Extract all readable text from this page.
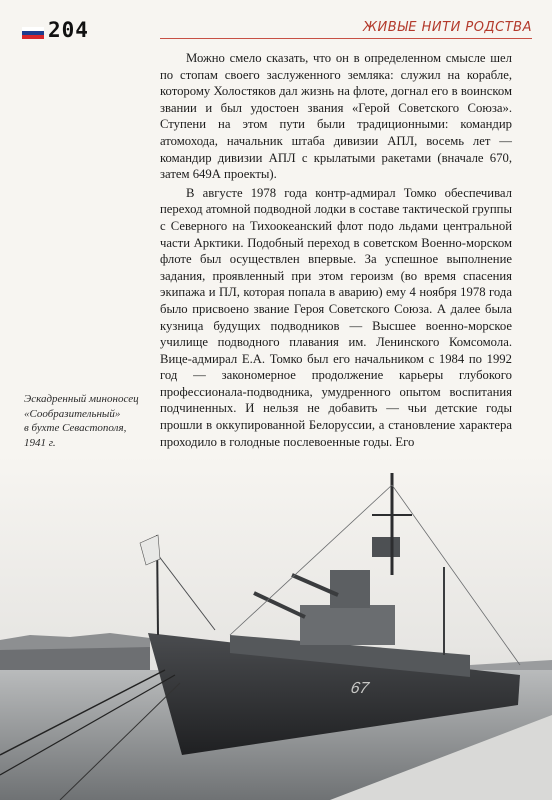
204	ЖИВЫЕ НИТИ РОДСТВА

Можно смело сказать, что он в определенном смысле шел по стопам своего заслуженного земляка: служил на корабле, которому Холостяков дал жизнь на флоте, догнал его в воинском звании и был удостоен звания «Герой Советского Союза». Ступени на этом пути были традиционными: командир атомохода, начальник штаба дивизии АПЛ, восемь лет — командир дивизии АПЛ с крылатыми ракетами (вначале 670, затем 649А проекты).

В августе 1978 года контр-адмирал Томко обеспечивал переход атомной подводной лодки в составе тактической группы с Северного на Тихоокеанский флот подо льдами центральной части Арктики. Подобный переход в советском Военно-морском флоте был осуществлен впервые. За успешное выполнение задания, проявленный при этом героизм (во время спасения экипажа и ПЛ, которая попала в аварию) ему 4 ноября 1978 года было присвоено звание Героя Советского Союза. А далее была кузница будущих подводников — Высшее военно-морское училище подводного плавания им. Ленинского Комсомола. Вице-адмирал Е.А. Томко был его начальником с 1984 по 1992 год — закономерное продолжение карьеры глубокого профессионала-подводника, умудренного опытом воспитания подчиненных. И нельзя не добавить — чьи детские годы прошли в оккупированной Белоруссии, а становление характера проходило в голодные послевоенные годы. Его

Эскадренный миноносец
«Сообразительный»
в бухте Севастополя,
1941 г.
67
